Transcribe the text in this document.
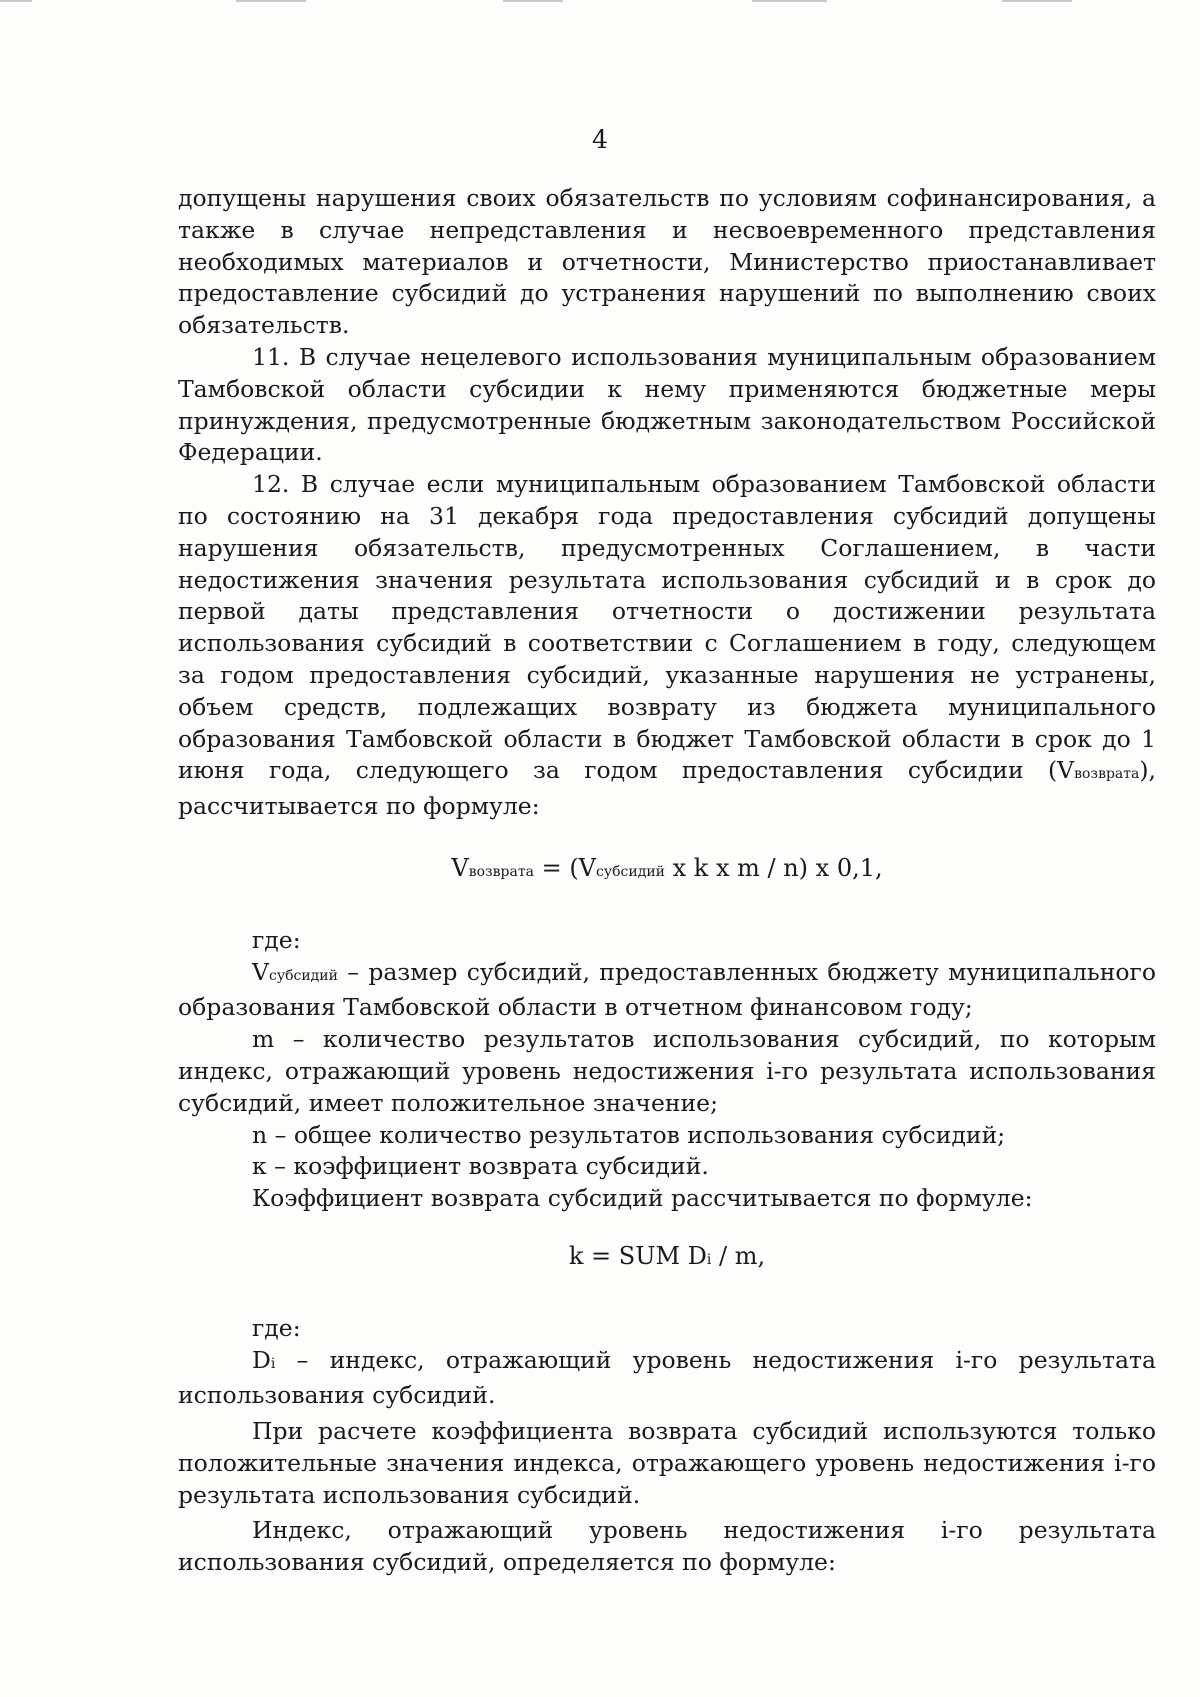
4

допущены нарушения своих обязательств по условиям софинансирования, а также в случае непредставления и несвоевременного представления необходимых материалов и отчетности, Министерство приостанавливает предоставление субсидий до устранения нарушений по выполнению своих обязательств.

11. В случае нецелевого использования муниципальным образованием Тамбовской области субсидии к нему применяются бюджетные меры принуждения, предусмотренные бюджетным законодательством Российской Федерации.

12. В случае если муниципальным образованием Тамбовской области по состоянию на 31 декабря года предоставления субсидий допущены нарушения обязательств, предусмотренных Соглашением, в части недостижения значения результата использования субсидий и в срок до первой даты представления отчетности о достижении результата использования субсидий в соответствии с Соглашением в году, следующем за годом предоставления субсидий, указанные нарушения не устранены, объем средств, подлежащих возврату из бюджета муниципального образования Тамбовской области в бюджет Тамбовской области в срок до 1 июня года, следующего за годом предоставления субсидии (Vвозврата), рассчитывается по формуле:

Vвозврата = (Vсубсидий x k x m / n) x 0,1,

где:

Vсубсидий – размер субсидий, предоставленных бюджету муниципального образования Тамбовской области в отчетном финансовом году;

m – количество результатов использования субсидий, по которым индекс, отражающий уровень недостижения i-го результата использования субсидий, имеет положительное значение;

n – общее количество результатов использования субсидий;

к – коэффициент возврата субсидий.

Коэффициент возврата субсидий рассчитывается по формуле:

k = SUM Di / m,

где:

Di – индекс, отражающий уровень недостижения i-го результата использования субсидий.

При расчете коэффициента возврата субсидий используются только положительные значения индекса, отражающего уровень недостижения i-го результата использования субсидий.

Индекс, отражающий уровень недостижения i-го результата использования субсидий, определяется по формуле:
